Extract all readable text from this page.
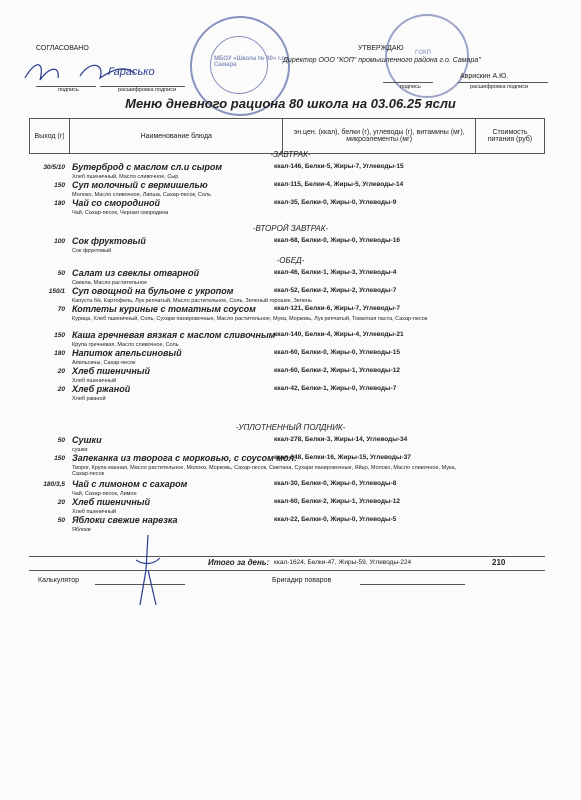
МБОУ «Школа № 80» г.о. Самара
ГОКП
СОГЛАСОВАНО
подпись	расшифровка подписи
Гарасько
УТВЕРЖДАЮ
Директор ООО "КОП" промышленного района г.о. Самара"
Аврискин А.Ю.
подпись	расшифровка подписи
Меню дневного рациона 80 школа на 03.06.25 ясли
Выход (г)	Наименование блюда	эн.цен. (ккал), белки (г), углеводы (г), витамины (мг), микроэлементы (мг)	Стоимость питания (руб)
-ЗАВТРАК-
30/5/10 Бутерброд с маслом сл.и сыром
Хлеб пшеничный, Масло сливочное, Сыр
ккал-146, Белки-5, Жиры-7, Углеводы-15
150 Суп молочный с вермишелью
Молоко, Масло сливочное, Лапша, Сахар-песок, Соль
ккал-115, Белки-4, Жиры-5, Углеводы-14
180 Чай со смородиной
Чай, Сахар-песок, Черная смородина
ккал-35, Белки-0, Жиры-0, Углеводы-9
-ВТОРОЙ ЗАВТРАК-
100 Сок фруктовый
Сок фруктовый
ккал-68, Белки-0, Жиры-0, Углеводы-16
-ОБЕД-
50 Салат из свеклы отварной
Свекла, Масло растительное
ккал-46, Белки-1, Жиры-3, Углеводы-4
150/1 Суп овощной на бульоне с укропом
Капуста б/к, Картофель, Лук репчатый, Масло растительное, Соль, Зеленый горошек, Зелень
ккал-52, Белки-2, Жиры-2, Углеводы-7
70 Котлеты куриные с томатным соусом
Курица, Хлеб пшеничный, Соль, Сухари панировочные, Масло растительное, Мука, Морковь, Лук репчатый, Томатная паста, Сахар-песок
ккал-121, Белки-6, Жиры-7, Углеводы-7
150 Каша гречневая вязкая с маслом сливочным
Крупа гречневая, Масло сливочное, Соль
ккал-140, Белки-4, Жиры-4, Углеводы-21
180 Напиток апельсиновый
Апельсины, Сахар-песок
ккал-60, Белки-0, Жиры-0, Углеводы-15
20 Хлеб пшеничный
Хлеб пшеничный
ккал-60, Белки-2, Жиры-1, Углеводы-12
20 Хлеб ржаной
Хлеб ржаной
ккал-42, Белки-1, Жиры-0, Углеводы-7
-УПЛОТНЕННЫЙ ПОЛДНИК-
50 Сушки
сушки
ккал-278, Белки-3, Жиры-14, Углеводы-34
150 Запеканка из творога с морковью, с соусом мол.
Творог, Крупа манная, Масло растительное, Молоко, Морковь, Сахар-песок, Сметана, Сухари панировочные, Яйцо, Молоко, Масло сливочное, Мука, Сахар-песок
ккал-348, Белки-16, Жиры-15, Углеводы-37
180/3,5 Чай с лимоном с сахаром
Чай, Сахар-песок, Лимон
ккал-30, Белки-0, Жиры-0, Углеводы-8
20 Хлеб пшеничный
Хлеб пшеничный
ккал-60, Белки-2, Жиры-1, Углеводы-12
50 Яблоки свежие нарезка
Яблоки
ккал-22, Белки-0, Жиры-0, Углеводы-5
Итого за день: ккал-1624, Белки-47, Жиры-59, Углеводы-224	210
Калькулятор	Бригадир поваров
